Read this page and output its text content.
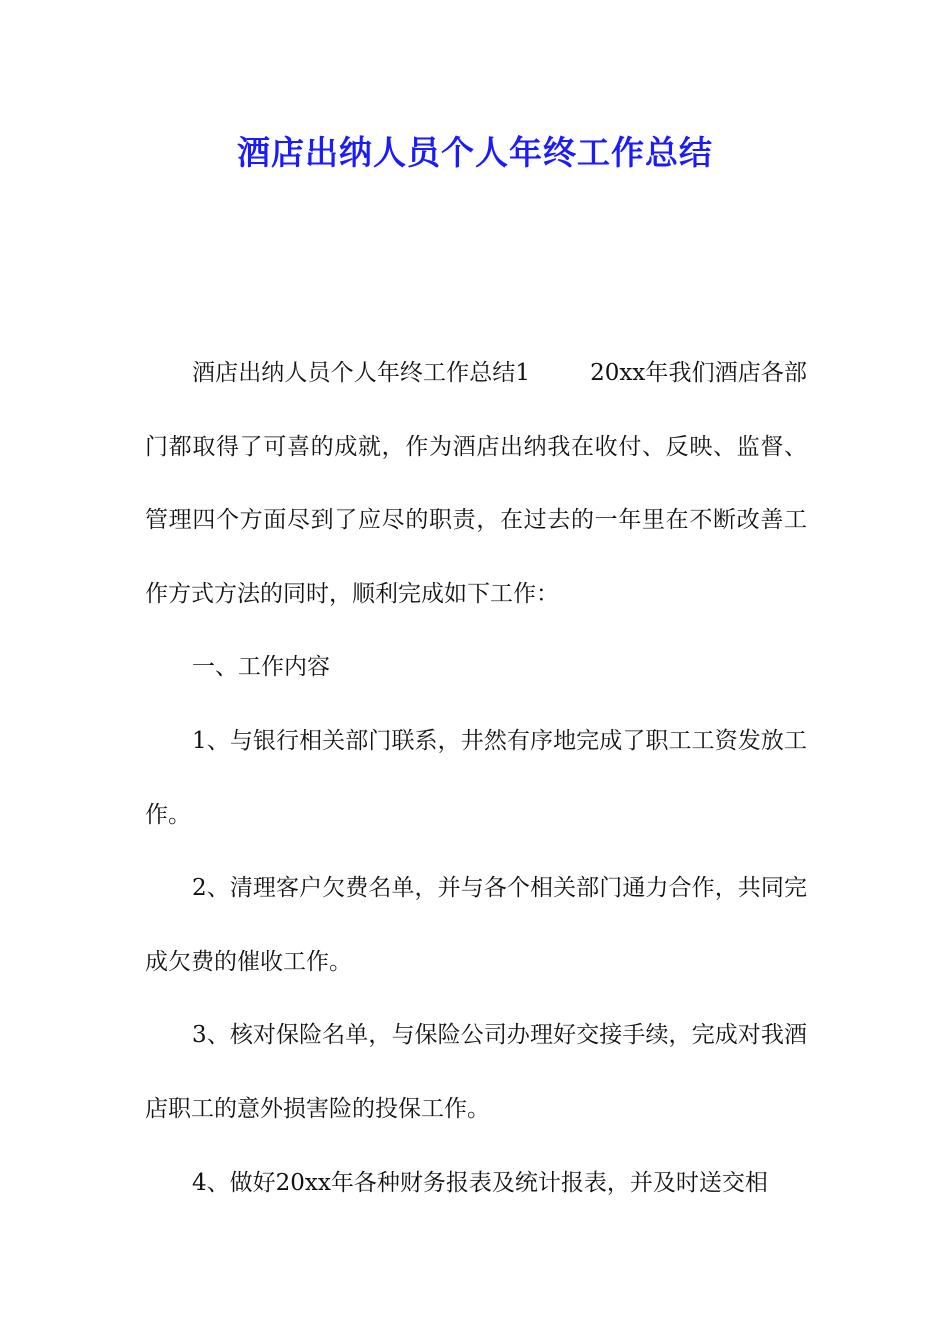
酒店出纳人员个人年终工作总结

酒店出纳人员个人年终工作总结1	20xx年我们酒店各部门都取得了可喜的成就，作为酒店出纳我在收付、反映、监督、管理四个方面尽到了应尽的职责，在过去的一年里在不断改善工作方式方法的同时，顺利完成如下工作：

一、工作内容

1、与银行相关部门联系，井然有序地完成了职工工资发放工作。

2、清理客户欠费名单，并与各个相关部门通力合作，共同完成欠费的催收工作。

3、核对保险名单，与保险公司办理好交接手续，完成对我酒店职工的意外损害险的投保工作。

4、做好20xx年各种财务报表及统计报表，并及时送交相
